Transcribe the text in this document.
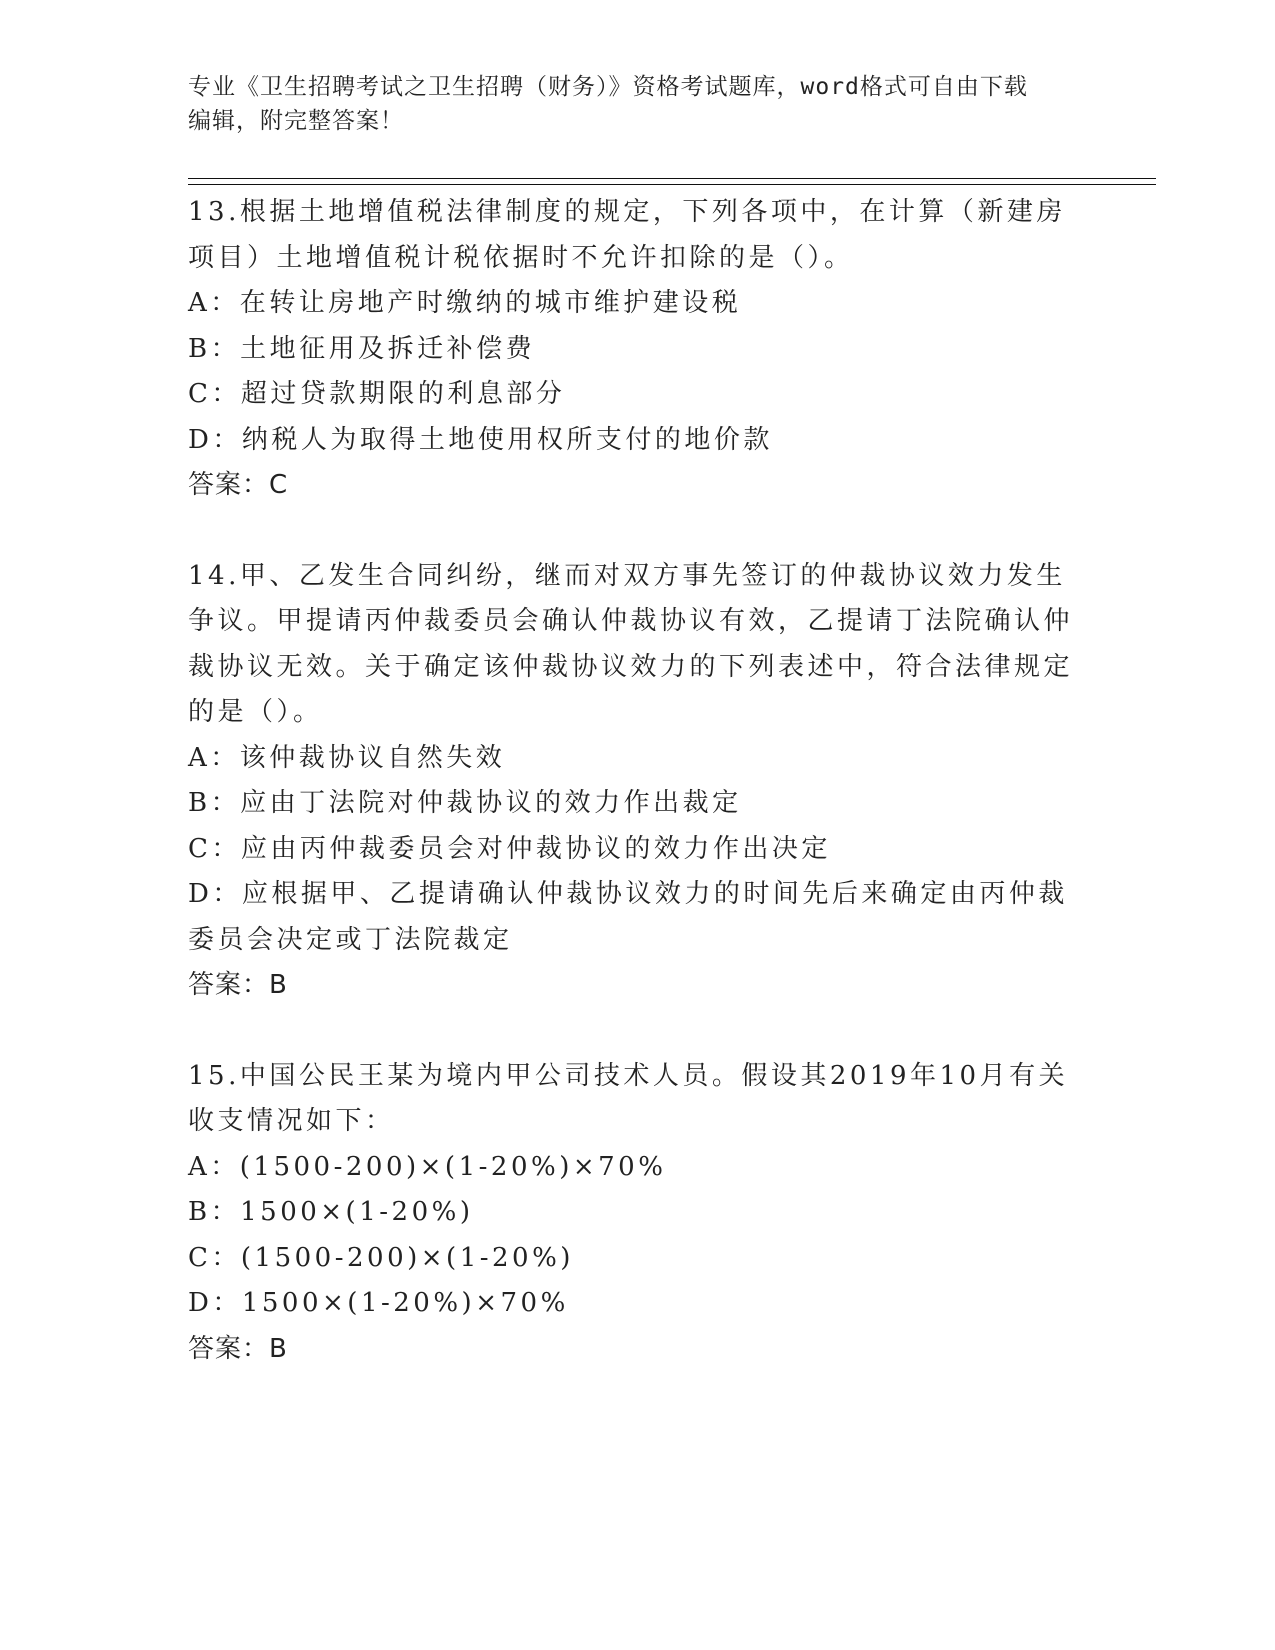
专业《卫生招聘考试之卫生招聘（财务）》资格考试题库，word格式可自由下载
编辑，附完整答案！

13.根据土地增值税法律制度的规定，下列各项中，在计算（新建房项目）土地增值税计税依据时不允许扣除的是（）。

A：在转让房地产时缴纳的城市维护建设税

B：土地征用及拆迁补偿费

C：超过贷款期限的利息部分

D：纳税人为取得土地使用权所支付的地价款

答案：C

14.甲、乙发生合同纠纷，继而对双方事先签订的仲裁协议效力发生争议。甲提请丙仲裁委员会确认仲裁协议有效，乙提请丁法院确认仲裁协议无效。关于确定该仲裁协议效力的下列表述中，符合法律规定的是（）。

A：该仲裁协议自然失效

B：应由丁法院对仲裁协议的效力作出裁定

C：应由丙仲裁委员会对仲裁协议的效力作出决定

D：应根据甲、乙提请确认仲裁协议效力的时间先后来确定由丙仲裁委员会决定或丁法院裁定

答案：B

15.中国公民王某为境内甲公司技术人员。假设其2019年10月有关收支情况如下：

A：(1500-200)×(1-20%)×70%

B：1500×(1-20%)

C：(1500-200)×(1-20%)

D：1500×(1-20%)×70%

答案：B
